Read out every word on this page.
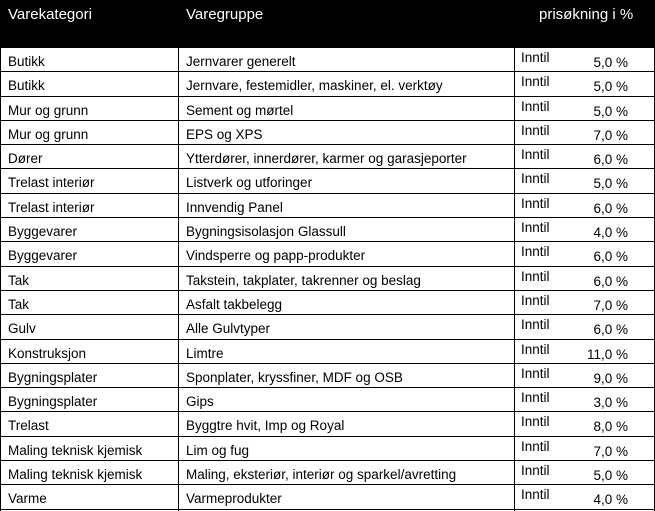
Varekategori	Varegruppe	prisøkning i %
Butikk	Jernvarer generelt	Inntil	5,0 %
Butikk	Jernvare, festemidler, maskiner, el. verktøy	Inntil	5,0 %
Mur og grunn	Sement og mørtel	Inntil	5,0 %
Mur og grunn	EPS og XPS	Inntil	7,0 %
Dører	Ytterdører, innerdører, karmer og garasjeporter	Inntil	6,0 %
Trelast interiør	Listverk og utforinger	Inntil	5,0 %
Trelast interiør	Innvendig Panel	Inntil	6,0 %
Byggevarer	Bygningsisolasjon Glassull	Inntil	4,0 %
Byggevarer	Vindsperre og papp-produkter	Inntil	6,0 %
Tak	Takstein, takplater, takrenner og beslag	Inntil	6,0 %
Tak	Asfalt takbelegg	Inntil	7,0 %
Gulv	Alle Gulvtyper	Inntil	6,0 %
Konstruksjon	Limtre	Inntil	11,0 %
Bygningsplater	Sponplater, kryssfiner, MDF og OSB	Inntil	9,0 %
Bygningsplater	Gips	Inntil	3,0 %
Trelast	Byggtre hvit, Imp og Royal	Inntil	8,0 %
Maling teknisk kjemisk	Lim og fug	Inntil	7,0 %
Maling teknisk kjemisk	Maling, eksteriør, interiør og sparkel/avretting	Inntil	5,0 %
Varme	Varmeprodukter	Inntil	4,0 %
